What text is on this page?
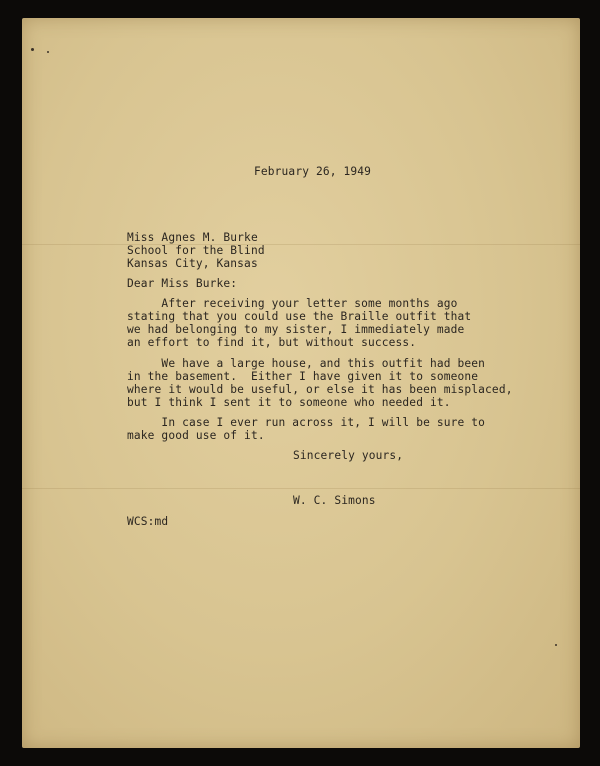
February 26, 1949
Miss Agnes M. Burke
School for the Blind
Kansas City, Kansas
Dear Miss Burke:
After receiving your letter some months ago
stating that you could use the Braille outfit that
we had belonging to my sister, I immediately made
an effort to find it, but without success.
We have a large house, and this outfit had been
in the basement.  Either I have given it to someone
where it would be useful, or else it has been misplaced,
but I think I sent it to someone who needed it.
In case I ever run across it, I will be sure to
make good use of it.
Sincerely yours,
W. C. Simons
WCS:md
